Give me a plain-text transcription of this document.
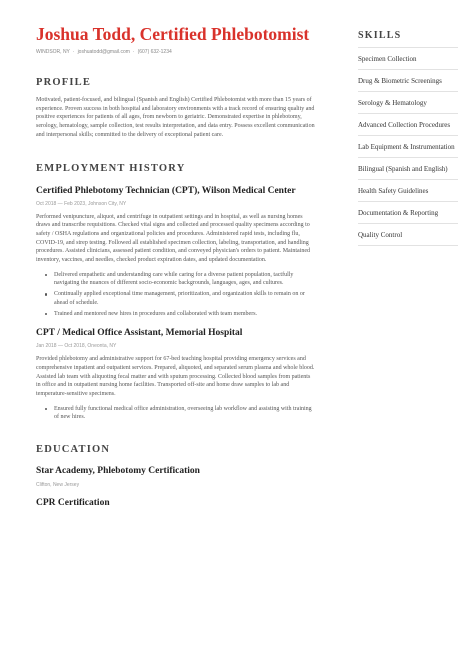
Joshua Todd, Certified Phlebotomist
WINDSOR, NY · joshuatodd@gmail.com · (607) 632-1234
PROFILE

Motivated, patient-focused, and bilingual (Spanish and English) Certified Phlebotomist with more than 15 years of experience. Proven success in both hospital and laboratory environments with a track record of ensuring quality and positive experiences for patients of all ages, from newborn to geriatric. Demonstrated expertise in phlebotomy, serology, hematology, sample collection, test results interpretation, and data entry. Possess excellent communication and interpersonal skills; committed to the delivery of exceptional patient care.

EMPLOYMENT HISTORY
Certified Phlebotomy Technician (CPT), Wilson Medical Center
Oct 2018 — Feb 2023, Johnson City, NY

Performed venipuncture, aliquot, and centrifuge in outpatient settings and in hospital, as well as nursing homes draws and transcribe requisitions. Checked vital signs and collected and processed quality specimens according to safety / OSHA regulations and organizational policies and procedures. Administered rapid tests, including flu, COVID-19, and strep testing. Followed all established specimen collection, labeling, transportation, and handling procedures. Assisted clinicians, assessed patient condition, and conveyed physician's orders to patient. Maintained inventory, vaccines, and needles, checked product expiration dates, and updated documentation.

Delivered empathetic and understanding care while caring for a diverse patient population, tactfully navigating the nuances of different socio-economic backgrounds, languages, ages, and cultures.
Continually applied exceptional time management, prioritization, and organization skills to remain on or ahead of schedule.
Trained and mentored new hires in procedures and collaborated with team members.
CPT / Medical Office Assistant, Memorial Hospital
Jan 2018 — Oct 2018, Oneonta, NY

Provided phlebotomy and administrative support for 67-bed teaching hospital providing emergency services and comprehensive inpatient and outpatient services. Prepared, aliquoted, and separated serum plasma and whole blood. Assisted lab team with aliquoting fecal matter and with sputum processing. Collected blood samples from patients in office and in outpatient nursing home facilities. Transported off-site and home draw samples to lab and temperature-sensitive specimens.

Ensured fully functional medical office administration, overseeing lab workflow and assisting with training of new hires.
EDUCATION
Star Academy, Phlebotomy Certification
Clifton, New Jersey
CPR Certification
SKILLS
Specimen Collection
Drug & Biometric Screenings
Serology & Hematology
Advanced Collection Procedures
Lab Equipment & Instrumentation
Bilingual (Spanish and English)
Health Safety Guidelines
Documentation & Reporting
Quality Control
